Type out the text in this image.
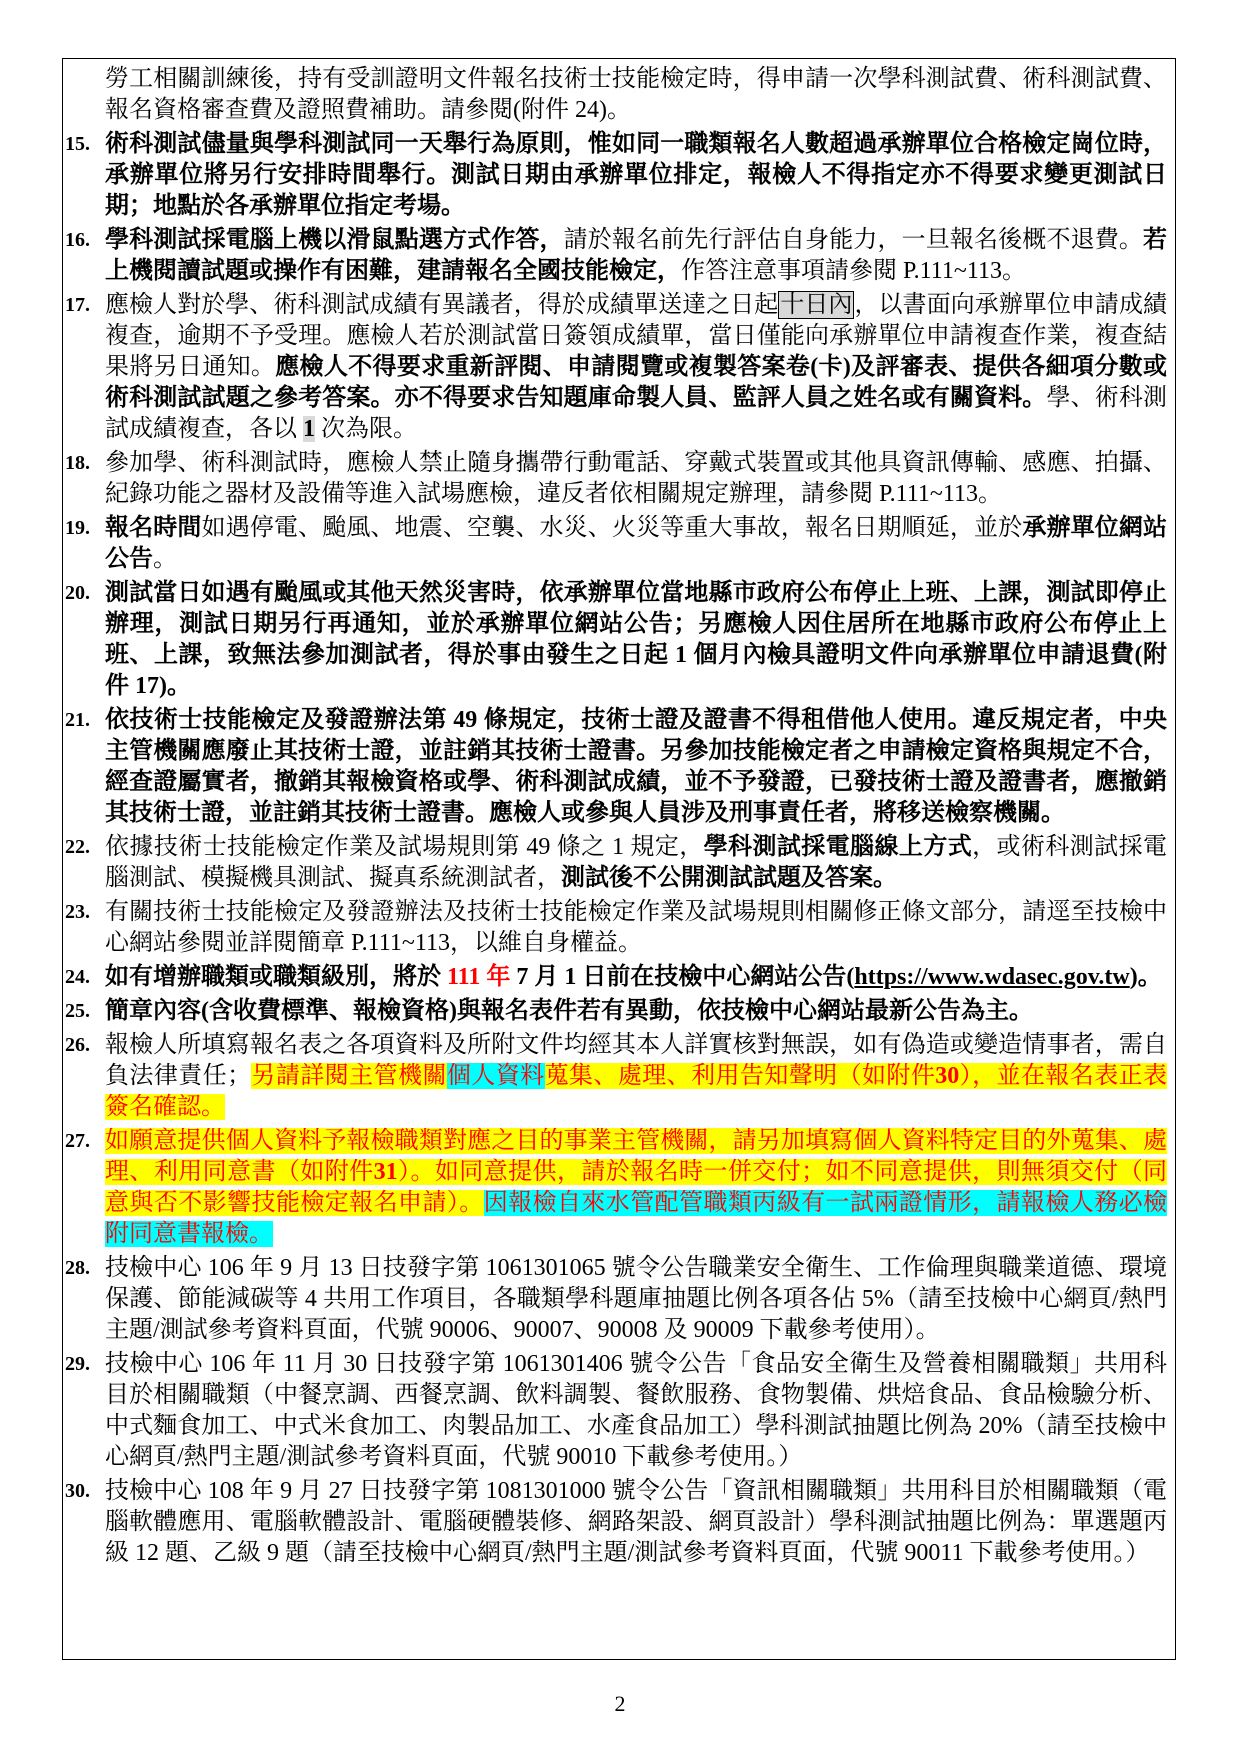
勞工相關訓練後，持有受訓證明文件報名技術士技能檢定時，得申請一次學科測試費、術科測試費、報名資格審查費及證照費補助。請參閱(附件 24)。
15. 術科測試儘量與學科測試同一天舉行為原則，惟如同一職類報名人數超過承辦單位合格檢定崗位時，承辦單位將另行安排時間舉行。測試日期由承辦單位排定，報檢人不得指定亦不得要求變更測試日期；地點於各承辦單位指定考場。
16. 學科測試採電腦上機以滑鼠點選方式作答，請於報名前先行評估自身能力，一旦報名後概不退費。若上機閱讀試題或操作有困難，建請報名全國技能檢定，作答注意事項請參閱 P.111~113。
17. 應檢人對於學、術科測試成績有異議者，得於成績單送達之日起十日內，以書面向承辦單位申請成績複查，逾期不予受理。應檢人若於測試當日簽領成績單，當日僅能向承辦單位申請複查作業，複查結果將另日通知。應檢人不得要求重新評閱、申請閱覽或複製答案卷(卡)及評審表、提供各細項分數或術科測試試題之參考答案。亦不得要求告知題庫命製人員、監評人員之姓名或有關資料。學、術科測試成績複查，各以 1 次為限。
18. 參加學、術科測試時，應檢人禁止隨身攜帶行動電話、穿戴式裝置或其他具資訊傳輸、感應、拍攝、紀錄功能之器材及設備等進入試場應檢，違反者依相關規定辦理，請參閱 P.111~113。
19. 報名時間如遇停電、颱風、地震、空襲、水災、火災等重大事故，報名日期順延，並於承辦單位網站公告。
20. 測試當日如遇有颱風或其他天然災害時，依承辦單位當地縣市政府公布停止上班、上課，測試即停止辦理，測試日期另行再通知，並於承辦單位網站公告；另應檢人因住居所在地縣市政府公布停止上班、上課，致無法參加測試者，得於事由發生之日起 1 個月內檢具證明文件向承辦單位申請退費(附件 17)。
21. 依技術士技能檢定及發證辦法第 49 條規定，技術士證及證書不得租借他人使用。違反規定者，中央主管機關應廢止其技術士證，並註銷其技術士證書。另參加技能檢定者之申請檢定資格與規定不合，經查證屬實者，撤銷其報檢資格或學、術科測試成績，並不予發證，已發技術士證及證書者，應撤銷其技術士證，並註銷其技術士證書。應檢人或參與人員涉及刑事責任者，將移送檢察機關。
22. 依據技術士技能檢定作業及試場規則第 49 條之 1 規定，學科測試採電腦線上方式，或術科測試採電腦測試、模擬機具測試、擬真系統測試者，測試後不公開測試試題及答案。
23. 有關技術士技能檢定及發證辦法及技術士技能檢定作業及試場規則相關修正條文部分，請逕至技檢中心網站參閱並詳閱簡章 P.111~113，以維自身權益。
24. 如有增辦職類或職類級別，將於 111 年 7 月 1 日前在技檢中心網站公告(https://www.wdasec.gov.tw)。
25. 簡章內容(含收費標準、報檢資格)與報名表件若有異動，依技檢中心網站最新公告為主。
26. 報檢人所填寫報名表之各項資料及所附文件均經其本人詳實核對無誤，如有偽造或變造情事者，需自負法律責任；另請詳閱主管機關個人資料蒐集、處理、利用告知聲明（如附件30），並在報名表正表簽名確認。
27. 如願意提供個人資料予報檢職類對應之目的事業主管機關，請另加填寫個人資料特定目的外蒐集、處理、利用同意書（如附件31）。如同意提供，請於報名時一併交付；如不同意提供，則無須交付（同意與否不影響技能檢定報名申請）。因報檢自來水管配管職類丙級有一試兩證情形，請報檢人務必檢附同意書報檢。
28. 技檢中心 106 年 9 月 13 日技發字第 1061301065 號令公告職業安全衛生、工作倫理與職業道德、環境保護、節能減碳等 4 共用工作項目，各職類學科題庫抽題比例各項各佔 5%（請至技檢中心網頁/熱門主題/測試參考資料頁面，代號 90006、90007、90008 及 90009 下載參考使用）。
29. 技檢中心 106 年 11 月 30 日技發字第 1061301406 號令公告「食品安全衛生及營養相關職類」共用科目於相關職類（中餐烹調、西餐烹調、飲料調製、餐飲服務、食物製備、烘焙食品、食品檢驗分析、中式麵食加工、中式米食加工、肉製品加工、水產食品加工）學科測試抽題比例為 20%（請至技檢中心網頁/熱門主題/測試參考資料頁面，代號 90010 下載參考使用。）
30. 技檢中心 108 年 9 月 27 日技發字第 1081301000 號令公告「資訊相關職類」共用科目於相關職類（電腦軟體應用、電腦軟體設計、電腦硬體裝修、網路架設、網頁設計）學科測試抽題比例為：單選題丙級 12 題、乙級 9 題（請至技檢中心網頁/熱門主題/測試參考資料頁面，代號 90011 下載參考使用。）
2
